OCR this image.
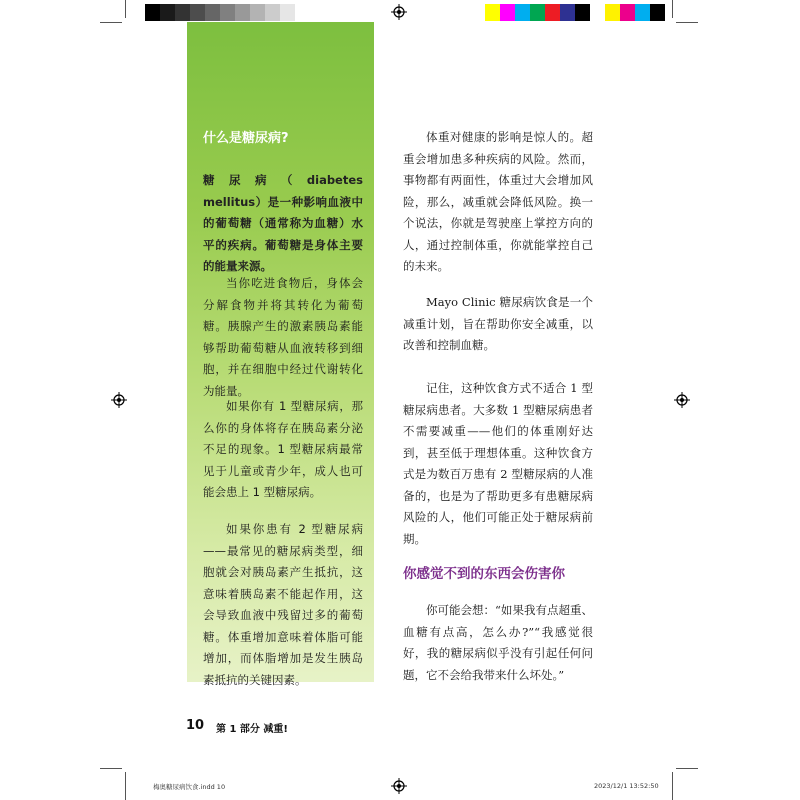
什么是糖尿病?

糖尿病（diabetes mellitus）是一种影响血液中的葡萄糖（通常称为血糖）水平的疾病。葡萄糖是身体主要的能量来源。

当你吃进食物后，身体会分解食物并将其转化为葡萄糖。胰腺产生的激素胰岛素能够帮助葡萄糖从血液转移到细胞，并在细胞中经过代谢转化为能量。

如果你有 1 型糖尿病，那么你的身体将存在胰岛素分泌不足的现象。1 型糖尿病最常见于儿童或青少年，成人也可能会患上 1 型糖尿病。

如果你患有 2 型糖尿病——最常见的糖尿病类型，细胞就会对胰岛素产生抵抗，这意味着胰岛素不能起作用，这会导致血液中残留过多的葡萄糖。体重增加意味着体脂可能增加，而体脂增加是发生胰岛素抵抗的关键因素。

体重对健康的影响是惊人的。超重会增加患多种疾病的风险。然而，事物都有两面性，体重过大会增加风险，那么，减重就会降低风险。换一个说法，你就是驾驶座上掌控方向的人，通过控制体重，你就能掌控自己的未来。

Mayo Clinic 糖尿病饮食是一个减重计划，旨在帮助你安全减重，以改善和控制血糖。

记住，这种饮食方式不适合 1 型糖尿病患者。大多数 1 型糖尿病患者不需要减重——他们的体重刚好达到，甚至低于理想体重。这种饮食方式是为数百万患有 2 型糖尿病的人准备的，也是为了帮助更多有患糖尿病风险的人，他们可能正处于糖尿病前期。

你感觉不到的东西会伤害你

你可能会想：“如果我有点超重、血糖有点高，怎么办?”“我感觉很好，我的糖尿病似乎没有引起任何问题，它不会给我带来什么坏处。”

10 第 1 部分 减重!
梅奥糖尿病饮食.indd 10	2023/12/1 13:52:50
